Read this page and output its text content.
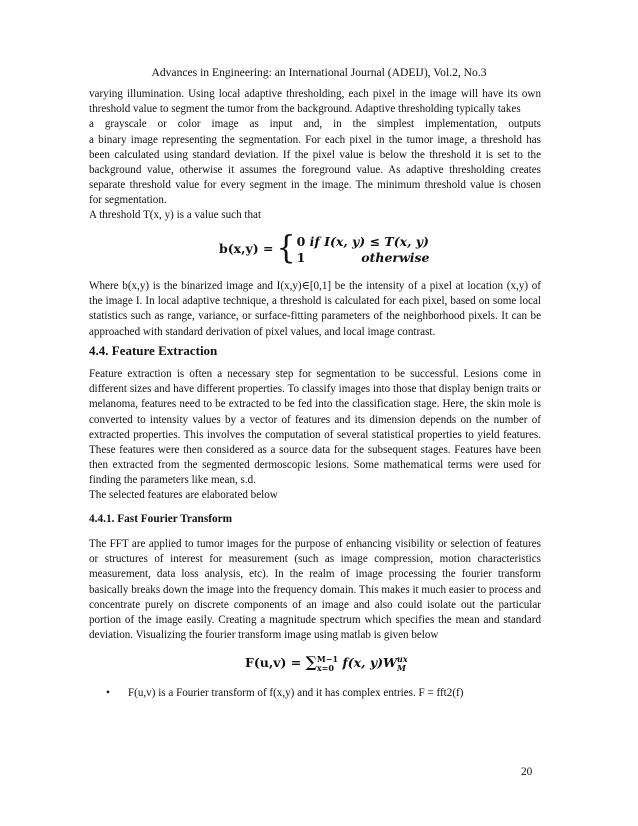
Advances in Engineering: an International Journal (ADEIJ), Vol.2, No.3
varying illumination. Using local adaptive thresholding, each pixel in the image will have its own
threshold value to segment the tumor from the background. Adaptive thresholding typically takes
a grayscale or color image as input and, in the simplest implementation, outputs
a binary image representing the segmentation. For each pixel in the tumor image, a threshold has
been calculated using standard deviation. If the pixel value is below the threshold it is set to the
background value, otherwise it assumes the foreground value. As adaptive thresholding creates
separate threshold value for every segment in the image. The minimum threshold value is chosen
for segmentation.

A threshold T(x, y) is a value such that

b(x,y) = { 0 if I(x, y) ≤ T(x, y)
1	otherwise

Where b(x,y) is the binarized image and I(x,y)∈[0,1] be the intensity of a pixel at location (x,y) of the image I. In local adaptive technique, a threshold is calculated for each pixel, based on some local statistics such as range, variance, or surface-fitting parameters of the neighborhood pixels. It can be approached with standard derivation of pixel values, and local image contrast.

4.4. Feature Extraction

Feature extraction is often a necessary step for segmentation to be successful. Lesions come in different sizes and have different properties. To classify images into those that display benign traits or melanoma, features need to be extracted to be fed into the classification stage. Here, the skin mole is converted to intensity values by a vector of features and its dimension depends on the number of extracted properties. This involves the computation of several statistical properties to yield features. These features were then considered as a source data for the subsequent stages. Features have been then extracted from the segmented dermoscopic lesions. Some mathematical terms were used for finding the parameters like mean, s.d.

The selected features are elaborated below

4.4.1. Fast Fourier Transform

The FFT are applied to tumor images for the purpose of enhancing visibility or selection of features or structures of interest for measurement (such as image compression, motion characteristics measurement, data loss analysis, etc). In the realm of image processing the fourier transform basically breaks down the image into the frequency domain. This makes it much easier to process and concentrate purely on discrete components of an image and also could isolate out the particular portion of the image easily. Creating a magnitude spectrum which specifies the mean and standard deviation. Visualizing the fourier transform image using matlab is given below

F(u,v) = ∑ M−1
x=0 f(x, y)W ux
M
• F(u,v) is a Fourier transform of f(x,y) and it has complex entries. F = fft2(f)
20
